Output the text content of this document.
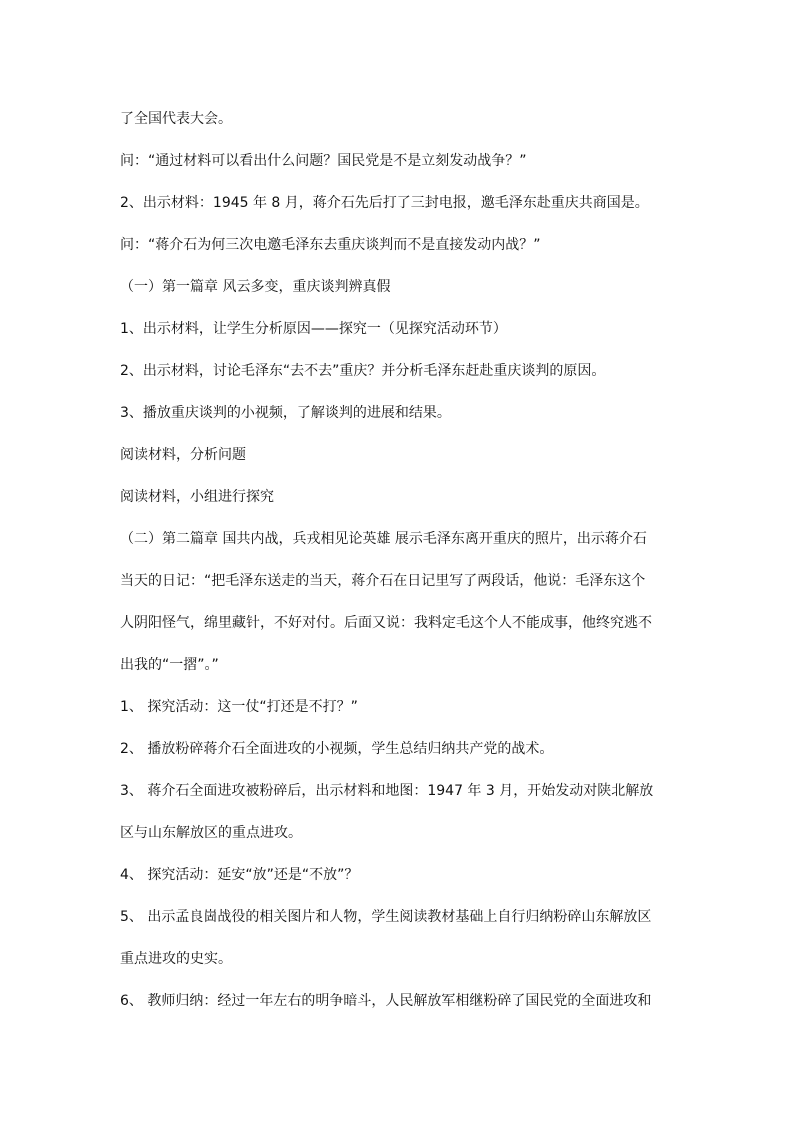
了全国代表大会。
问：“通过材料可以看出什么问题？国民党是不是立刻发动战争？”
2、出示材料：1945 年 8 月，蒋介石先后打了三封电报，邀毛泽东赴重庆共商国是。
问：“蒋介石为何三次电邀毛泽东去重庆谈判而不是直接发动内战？”
（一）第一篇章 风云多变，重庆谈判辨真假
1、出示材料，让学生分析原因——探究一（见探究活动环节）
2、出示材料，讨论毛泽东“去不去”重庆？并分析毛泽东赶赴重庆谈判的原因。
3、播放重庆谈判的小视频，了解谈判的进展和结果。
阅读材料，分析问题
阅读材料，小组进行探究
（二）第二篇章 国共内战，兵戎相见论英雄 展示毛泽东离开重庆的照片，出示蒋介石
当天的日记：“把毛泽东送走的当天，蒋介石在日记里写了两段话，他说：毛泽东这个
人阴阳怪气，绵里藏针，不好对付。后面又说：我料定毛这个人不能成事，他终究逃不
出我的“一摺”。”
1、 探究活动：这一仗“打还是不打？”
2、 播放粉碎蒋介石全面进攻的小视频，学生总结归纳共产党的战术。
3、 蒋介石全面进攻被粉碎后，出示材料和地图：1947 年 3 月，开始发动对陕北解放
区与山东解放区的重点进攻。
4、 探究活动：延安“放”还是“不放”？
5、 出示孟良崮战役的相关图片和人物，学生阅读教材基础上自行归纳粉碎山东解放区
重点进攻的史实。
6、 教师归纳：经过一年左右的明争暗斗，人民解放军相继粉碎了国民党的全面进攻和
